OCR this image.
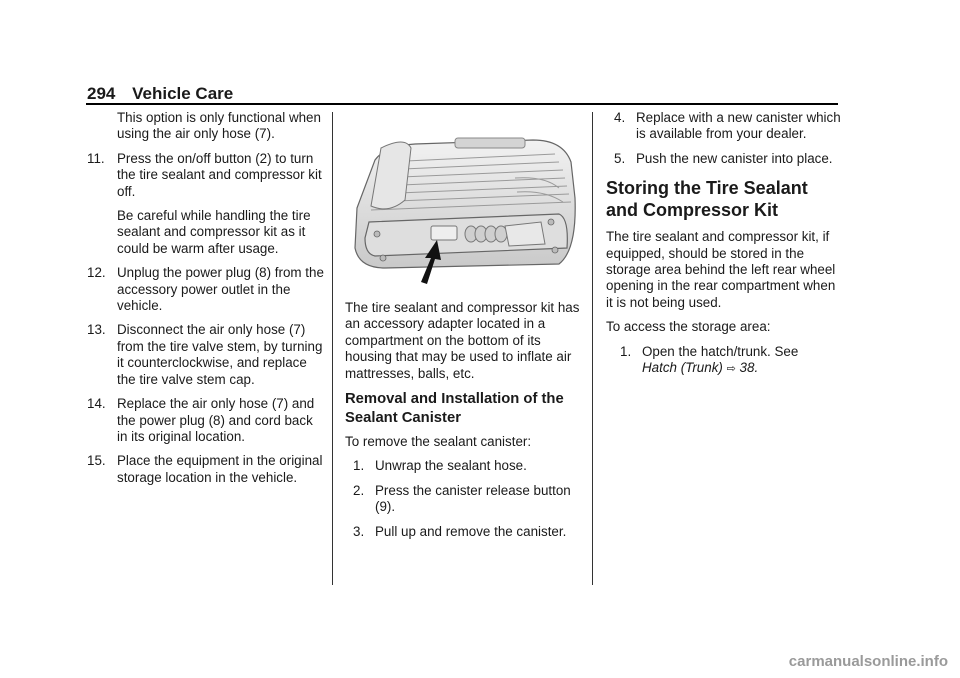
294 Vehicle Care

This option is only functional when using the air only hose (7).

11. Press the on/off button (2) to turn the tire sealant and compressor kit off.
Be careful while handling the tire sealant and compressor kit as it could be warm after usage.
12. Unplug the power plug (8) from the accessory power outlet in the vehicle.
13. Disconnect the air only hose (7) from the tire valve stem, by turning it counterclockwise, and replace the tire valve stem cap.
14. Replace the air only hose (7) and the power plug (8) and cord back in its original location.
15. Place the equipment in the original storage location in the vehicle.

The tire sealant and compressor kit has an accessory adapter located in a compartment on the bottom of its housing that may be used to inflate air mattresses, balls, etc.

Removal and Installation of the Sealant Canister

To remove the sealant canister:

1. Unwrap the sealant hose.
2. Press the canister release button (9).
3. Pull up and remove the canister.
4. Replace with a new canister which is available from your dealer.
5. Push the new canister into place.
Storing the Tire Sealant and Compressor Kit

The tire sealant and compressor kit, if equipped, should be stored in the storage area behind the left rear wheel opening in the rear compartment when it is not being used.

To access the storage area:

1. Open the hatch/trunk. See
Hatch (Trunk) ⇨ 38.
carmanualsonline.info
